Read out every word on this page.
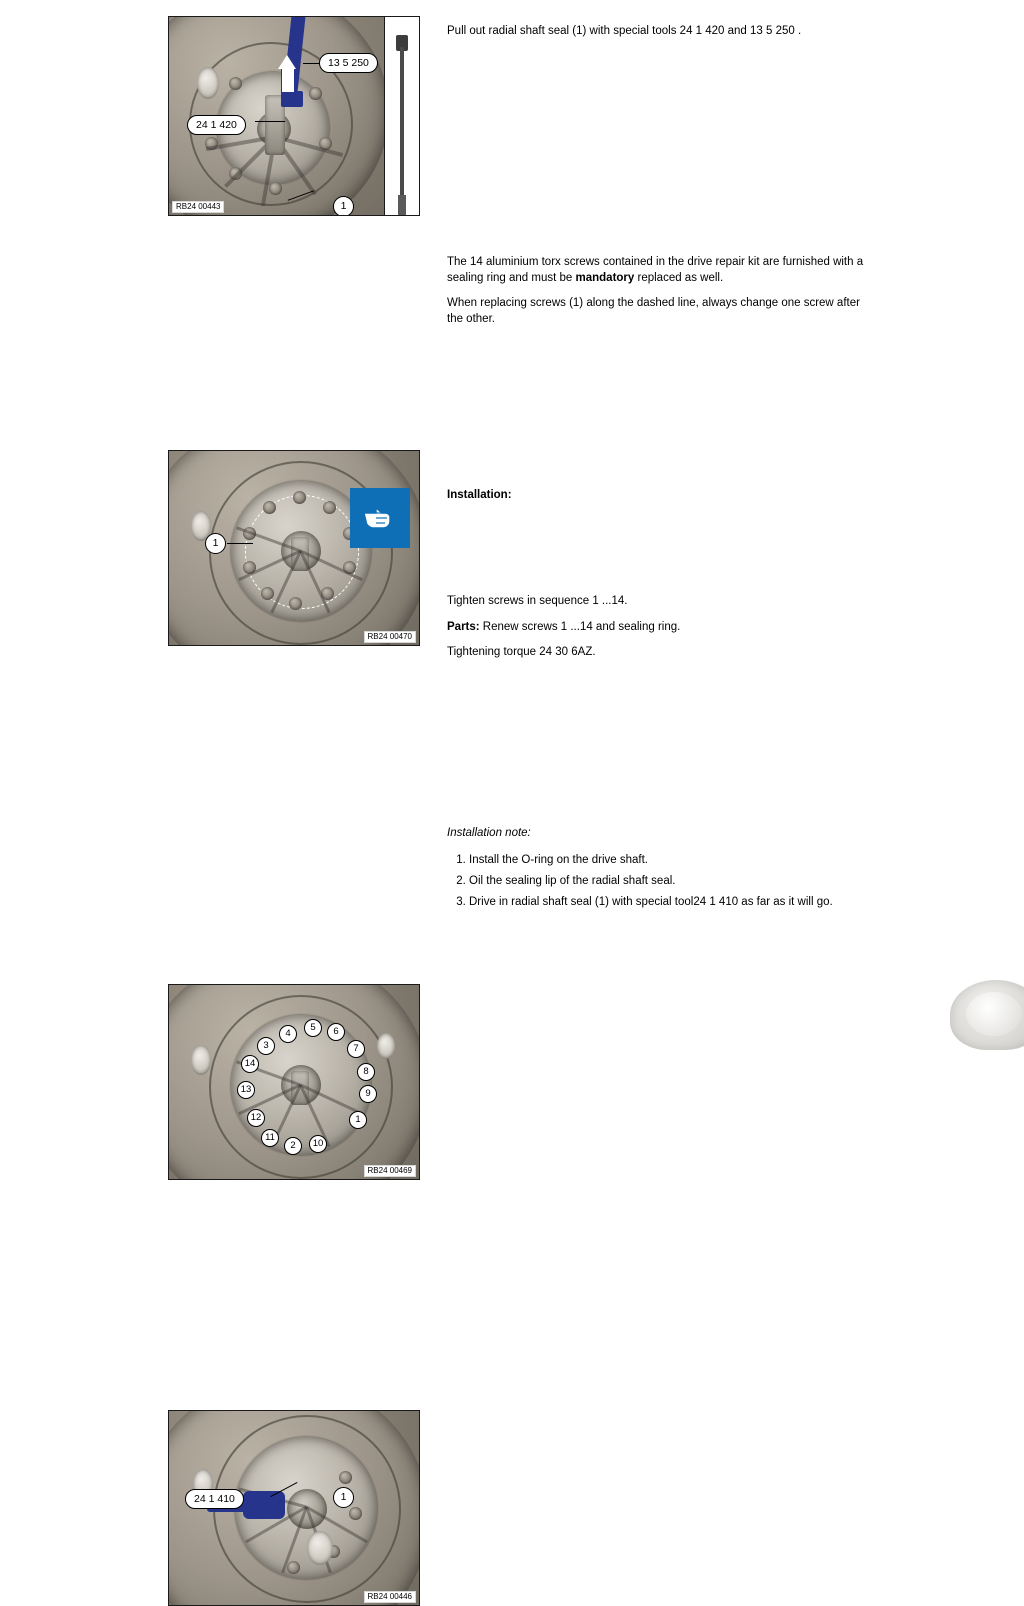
13 5 250
24 1 420
1
RB24 00443

Pull out radial shaft seal (1) with special tools 24 1 420 and 13 5 250 .

1
RB24 00470

The 14 aluminium torx screws contained in the drive repair kit are furnished with a sealing ring and must be mandatory replaced as well.

When replacing screws (1) along the dashed line, always change one screw after the other.

Installation:

4
5	6
7
8
9
1
10
2
11
12
13
14
3
RB24 00469

Tighten screws in sequence 1 ...14.

Parts: Renew screws 1 ...14 and sealing ring.

Tightening torque 24 30 6AZ.

24 1 410	1
RB24 00446

Installation note:

1. Install the O-ring on the drive shaft.
2. Oil the sealing lip of the radial shaft seal.
3. Drive in radial shaft seal (1) with special tool24 1 410 as far as it will go.
